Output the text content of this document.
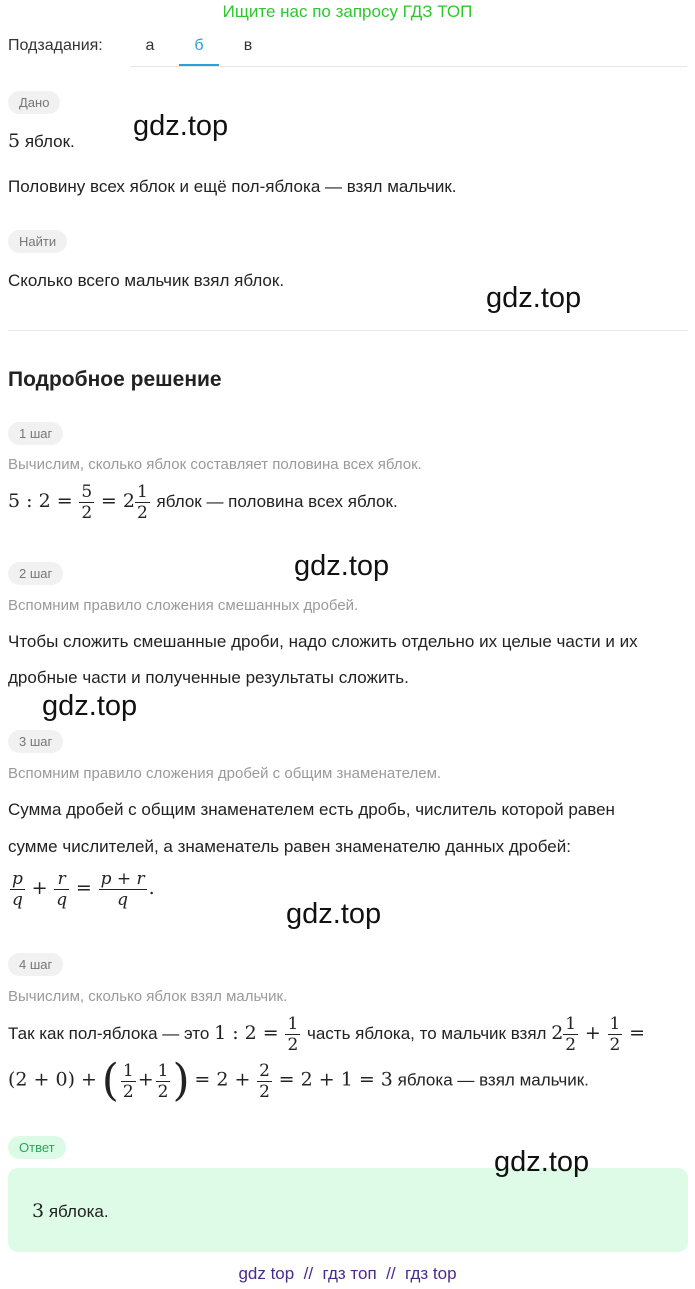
Ищите нас по запросу ГДЗ ТОП
Подзадания:	а	б	в
Дано
5 яблок.
Половину всех яблок и ещё пол-яблока — взял мальчик.
Найти
Сколько всего мальчик взял яблок.
Подробное решение
1 шаг
Вычислим, сколько яблок составляет половина всех яблок.
5 : $2 = \frac{5}{2} = 2 \frac{1}{2}$ яблок — половина всех яблок.
2 шаг
Вспомним правило сложения смешанных дробей.
Чтобы сложить смешанные дроби, надо сложить отдельно их целые части и их
дробные части и полученные результаты сложить.
3 шаг
Вспомним правило сложения дробей с общим знаменателем.
Сумма дробей с общим знаменателем есть дробь, числитель которой равен
сумме числителей, а знаменатель равен знаменателю данных дробей:
$\frac{p}{q} + \frac{r}{q} = \frac{p + r}{q}$ .
4 шаг
Вычислим, сколько яблок взял мальчик.
Так как пол-яблока — это 1 : $2 = \frac{1}{2}$ часть яблока, то мальчик взял $2 \frac{1}{2} + \frac{1}{2}$ =
(2 + 0) + ( $\frac{1}{2} + \frac{1}{2}$ ) = $2 + \frac{2}{2} = 2 + 1 = 3$ яблока — взял мальчик.
Ответ
3 яблока.
gdz.top
gdz.top
gdz.top
gdz.top
gdz.top
gdz.top
gdz top  //  гдз топ  //  гдз top
